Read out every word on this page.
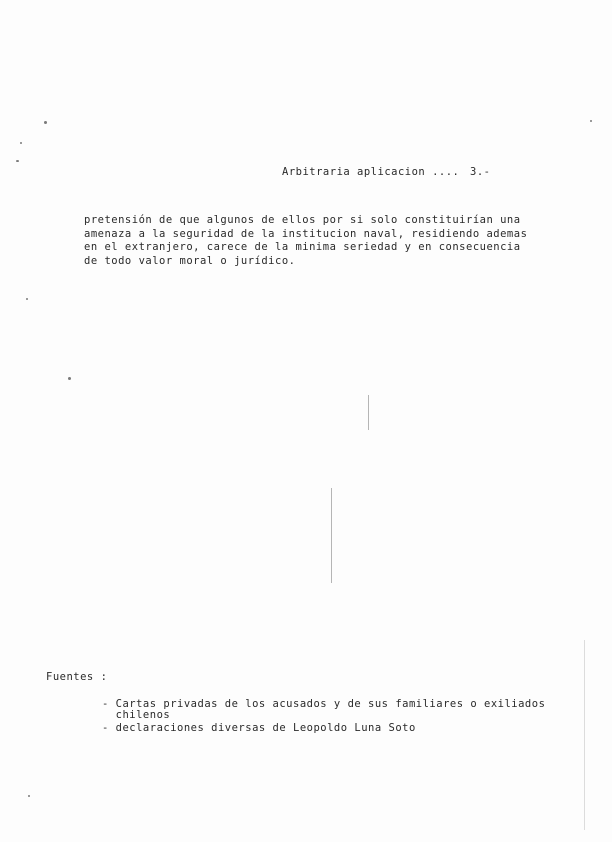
Arbitraria aplicacion .... 3.-
pretensión de que algunos de ellos por si solo constituirían una
amenaza a la seguridad de la institucion naval, residiendo ademas
en el extranjero, carece de la minima seriedad y en consecuencia
de todo valor moral o jurídico.
Fuentes :
- Cartas privadas de los acusados y de sus familiares o exiliados
chilenos
- declaraciones diversas de Leopoldo Luna Soto
